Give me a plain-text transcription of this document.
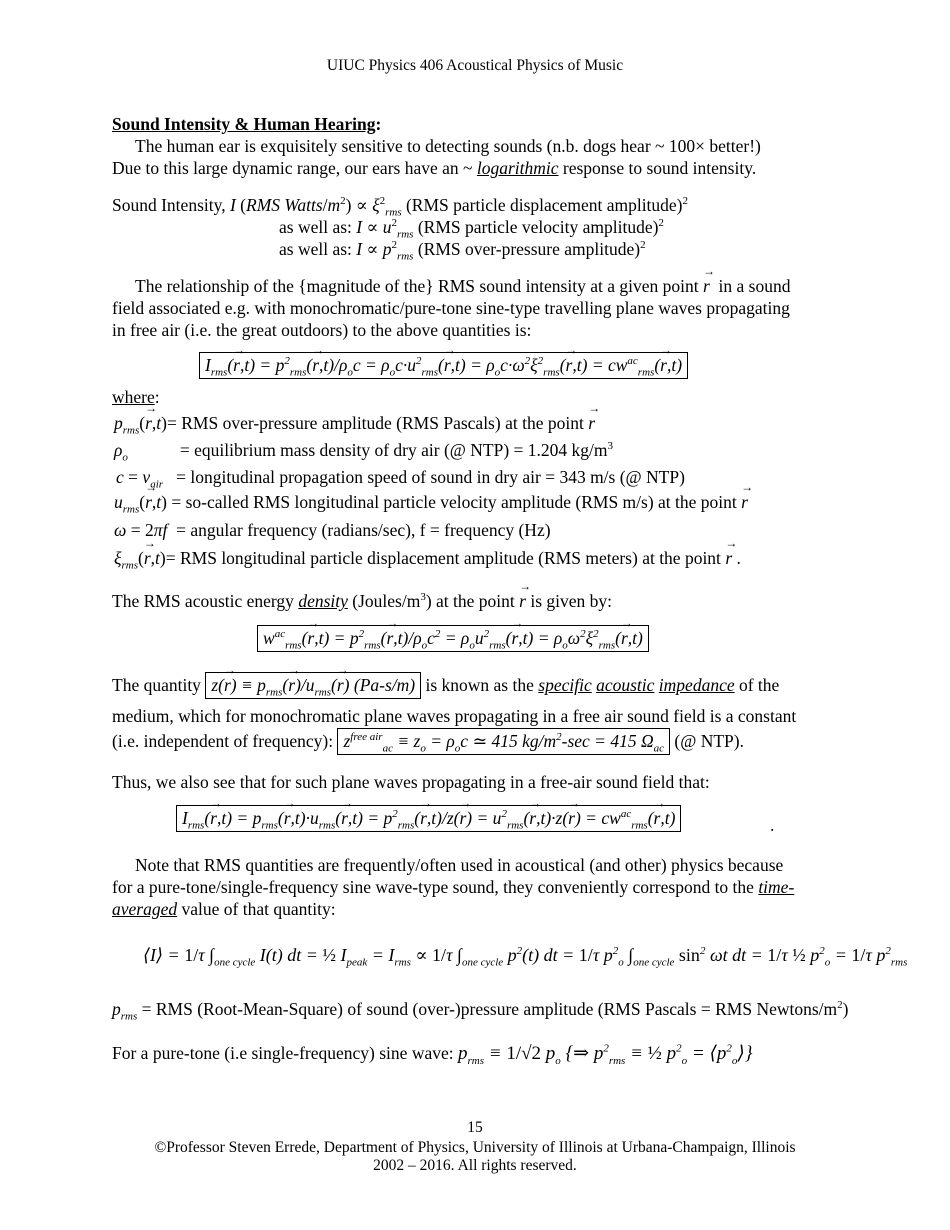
UIUC Physics 406 Acoustical Physics of Music
Sound Intensity & Human Hearing:
The human ear is exquisitely sensitive to detecting sounds (n.b. dogs hear ~ 100× better!)
Due to this large dynamic range, our ears have an ~ logarithmic response to sound intensity.
Sound Intensity, I (RMS Watts/$m^2) \propto \xi^2_{rms}$ (RMS particle displacement amplitude)$^2$
as well as: $I \propto u^2_{rms}$ (RMS particle velocity amplitude)$^2$
as well as: $I \propto p^2_{rms}$ (RMS over-pressure amplitude)$^2$
The relationship of the {magnitude of the} RMS sound intensity at a given point → r in a sound
field associated e.g. with monochromatic/pure-tone sine-type travelling plane waves propagating
in free air (i.e. the great outdoors) to the above quantities is:
$I_{rms}(\to r,t) = p^2_{rms}(\to r,t)/\rho_oc = \rho_oc\cdot u^2_{rms}(\to r,t) = \rho_oc\cdot\omega^2\xi^2_{rms}(\to r,t) = cw^{ac}_{rms}(\to r,t)$
where:
$p_{rms}(\to r,t)=$ RMS over-pressure amplitude (RMS Pascals) at the point → r
$\rho_o$	= equilibrium mass density of dry air (@ NTP) = 1.204 $kg/m^3$
$c = v_{air}$ = longitudinal propagation speed of sound in dry air = 343 m/s (@ NTP)
$u_{rms}(\to r,t)$ = so-called RMS longitudinal particle velocity amplitude (RMS m/s) at the point → r
ω = 2πf = angular frequency (radians/sec), f = frequency (Hz)
$\xi_{rms}(\to r,t)=$ RMS longitudinal particle displacement amplitude (RMS meters) at the point → r .
The RMS acoustic energy density $(Joules/m^3)$ at the point → r is given by:
$w^{ac}_{rms}(\to r,t) = p^2_{rms}(\to r,t)/\rho_oc^2 = \rho_ou^2_{rms}(\to r,t) = \rho_o\omega^2\xi^2_{rms}(\to r,t)$
The quantity $z(\to r) \equiv p_{rms}(\to r)/u_{rms}(\to r)$ (Pa-s/m) is known as the specific acoustic impedance of the
medium, which for monochromatic plane waves propagating in a free air sound field is a constant
(i.e. independent of frequency): $z^{free air}_{ac} \equiv z_o = \rho_oc$ ≃ 415 $kg/m^2-\sec = 415$ $\Omega_{ac}$ (@ NTP).
Thus, we also see that for such plane waves propagating in a free-air sound field that:
$I_{rms}(\to r,t) = p_{rms}(\to r,t)\cdot u_{rms}(\to r,t) = p^2_{rms}(\to r,t)/z(\to r) = u^2_{rms}(\to r,t)\cdot z(\to r) = cw^{ac}_{rms}(\to r,t)$	.
Note that RMS quantities are frequently/often used in acoustical (and other) physics because
for a pure-tone/single-frequency sine wave-type sound, they conveniently correspond to the time-
averaged value of that quantity:
⟨I⟩ = 1/τ $\int_{one cycle}$ I(t) dt = ½ $I_{peak} = I_{rms} \propto 1/\tau$ $\int_{one cycle}$ $p^2(t)$ dt = 1/τ $p^2_o$ $\int_{one cycle}$ $\sin^2 \omega t$ dt = 1/τ ½ $p^2_o = 1/\tau$ $p^2_{rms}$
$p_{rms}$ = RMS (Root-Mean-Square) of sound (over-)pressure amplitude (RMS Pascals = RMS Newtons/$m^2$)
For a pure-tone (i.e single-frequency) sine wave: $p_{rms} \equiv 1/√2$ $p_o$ {⇒ $p^2_{rms}$ ≡ ½ $p^2_o$ = $⟨p^2_o⟩$}
15
©Professor Steven Errede, Department of Physics, University of Illinois at Urbana-Champaign, Illinois
2002 – 2016. All rights reserved.
